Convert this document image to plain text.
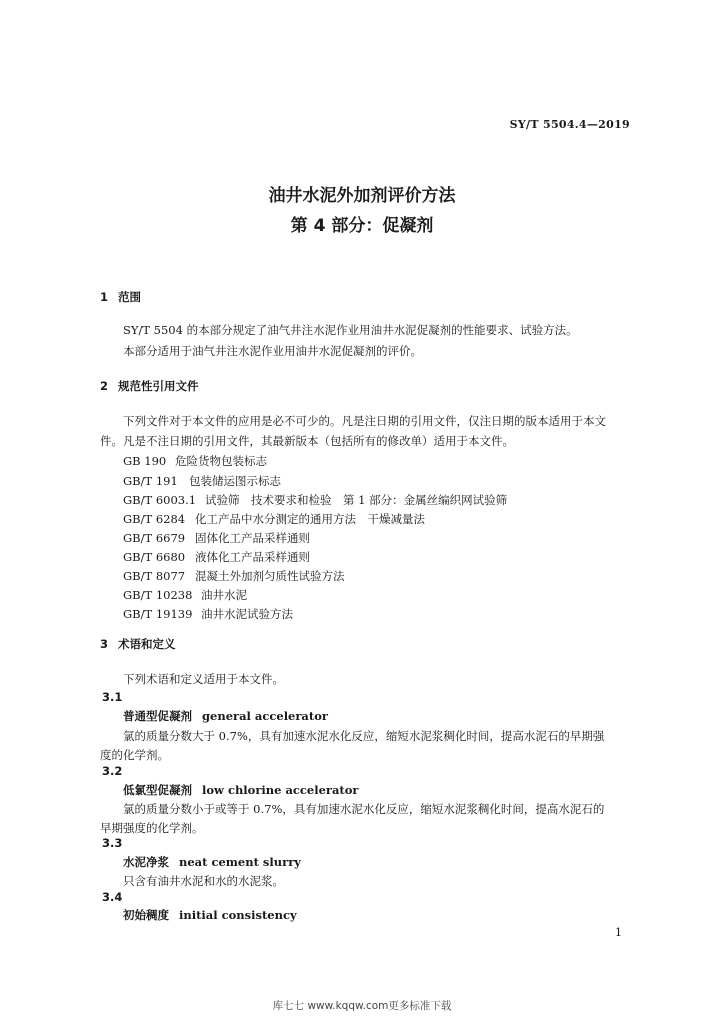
SY/T 5504.4—2019
油井水泥外加剂评价方法
第 4 部分：促凝剂
1 范围
SY/T 5504 的本部分规定了油气井注水泥作业用油井水泥促凝剂的性能要求、试验方法。
本部分适用于油气井注水泥作业用油井水泥促凝剂的评价。
2 规范性引用文件
下列文件对于本文件的应用是必不可少的。凡是注日期的引用文件，仅注日期的版本适用于本文
件。凡是不注日期的引用文件，其最新版本（包括所有的修改单）适用于本文件。
GB 190 危险货物包装标志
GB/T 191 包装储运图示标志
GB/T 6003.1 试验筛　技术要求和检验　第 1 部分：金属丝编织网试验筛
GB/T 6284 化工产品中水分测定的通用方法　干燥减量法
GB/T 6679 固体化工产品采样通则
GB/T 6680 液体化工产品采样通则
GB/T 8077 混凝土外加剂匀质性试验方法
GB/T 10238 油井水泥
GB/T 19139 油井水泥试验方法
3 术语和定义
下列术语和定义适用于本文件。
3.1
普通型促凝剂 general accelerator
氯的质量分数大于 0.7%，具有加速水泥水化反应，缩短水泥浆稠化时间，提高水泥石的早期强
度的化学剂。
3.2
低氯型促凝剂 low chlorine accelerator
氯的质量分数小于或等于 0.7%，具有加速水泥水化反应，缩短水泥浆稠化时间，提高水泥石的
早期强度的化学剂。
3.3
水泥净浆 neat cement slurry
只含有油井水泥和水的水泥浆。
3.4
初始稠度 initial consistency
1
库七七 www.kqqw.com更多标准下载
